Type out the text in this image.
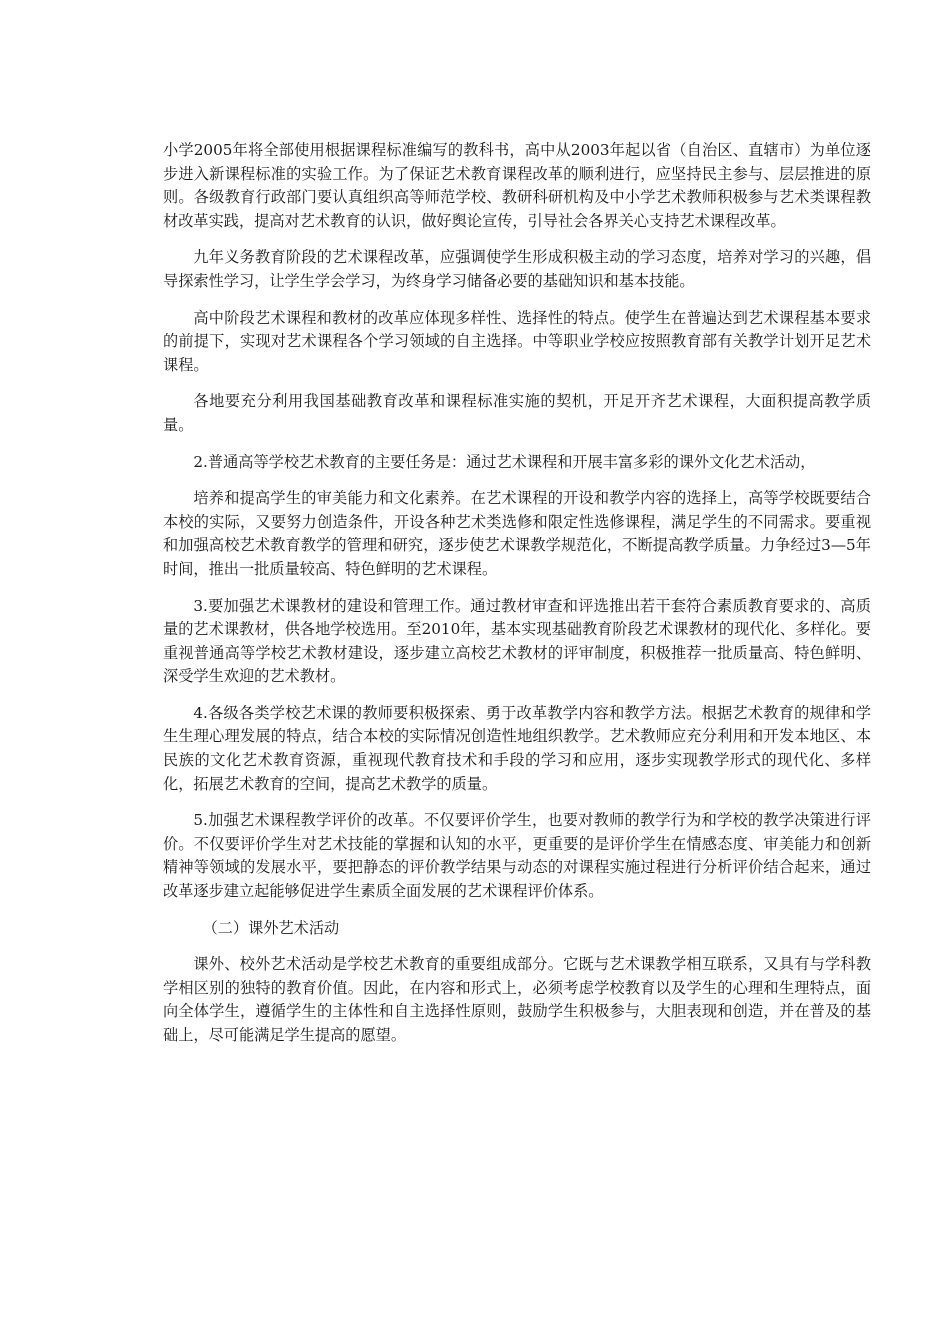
小学2005年将全部使用根据课程标准编写的教科书，高中从2003年起以省（自治区、直辖市）为单位逐步进入新课程标准的实验工作。为了保证艺术教育课程改革的顺利进行，应坚持民主参与、层层推进的原则。各级教育行政部门要认真组织高等师范学校、教研科研机构及中小学艺术教师积极参与艺术类课程教材改革实践，提高对艺术教育的认识，做好舆论宣传，引导社会各界关心支持艺术课程改革。

九年义务教育阶段的艺术课程改革，应强调使学生形成积极主动的学习态度，培养对学习的兴趣，倡导探索性学习，让学生学会学习，为终身学习储备必要的基础知识和基本技能。

高中阶段艺术课程和教材的改革应体现多样性、选择性的特点。使学生在普遍达到艺术课程基本要求的前提下，实现对艺术课程各个学习领域的自主选择。中等职业学校应按照教育部有关教学计划开足艺术课程。

各地要充分利用我国基础教育改革和课程标准实施的契机，开足开齐艺术课程，大面积提高教学质量。

2.普通高等学校艺术教育的主要任务是：通过艺术课程和开展丰富多彩的课外文化艺术活动，

培养和提高学生的审美能力和文化素养。在艺术课程的开设和教学内容的选择上，高等学校既要结合本校的实际，又要努力创造条件，开设各种艺术类选修和限定性选修课程，满足学生的不同需求。要重视和加强高校艺术教育教学的管理和研究，逐步使艺术课教学规范化，不断提高教学质量。力争经过3—5年时间，推出一批质量较高、特色鲜明的艺术课程。

3.要加强艺术课教材的建设和管理工作。通过教材审查和评选推出若干套符合素质教育要求的、高质量的艺术课教材，供各地学校选用。至2010年，基本实现基础教育阶段艺术课教材的现代化、多样化。要重视普通高等学校艺术教材建设，逐步建立高校艺术教材的评审制度，积极推荐一批质量高、特色鲜明、深受学生欢迎的艺术教材。

4.各级各类学校艺术课的教师要积极探索、勇于改革教学内容和教学方法。根据艺术教育的规律和学生生理心理发展的特点，结合本校的实际情况创造性地组织教学。艺术教师应充分利用和开发本地区、本民族的文化艺术教育资源，重视现代教育技术和手段的学习和应用，逐步实现教学形式的现代化、多样化，拓展艺术教育的空间，提高艺术教学的质量。

5.加强艺术课程教学评价的改革。不仅要评价学生，也要对教师的教学行为和学校的教学决策进行评价。不仅要评价学生对艺术技能的掌握和认知的水平，更重要的是评价学生在情感态度、审美能力和创新精神等领域的发展水平，要把静态的评价教学结果与动态的对课程实施过程进行分析评价结合起来，通过改革逐步建立起能够促进学生素质全面发展的艺术课程评价体系。

（二）课外艺术活动

课外、校外艺术活动是学校艺术教育的重要组成部分。它既与艺术课教学相互联系，又具有与学科教学相区别的独特的教育价值。因此，在内容和形式上，必须考虑学校教育以及学生的心理和生理特点，面向全体学生，遵循学生的主体性和自主选择性原则，鼓励学生积极参与，大胆表现和创造，并在普及的基础上，尽可能满足学生提高的愿望。
